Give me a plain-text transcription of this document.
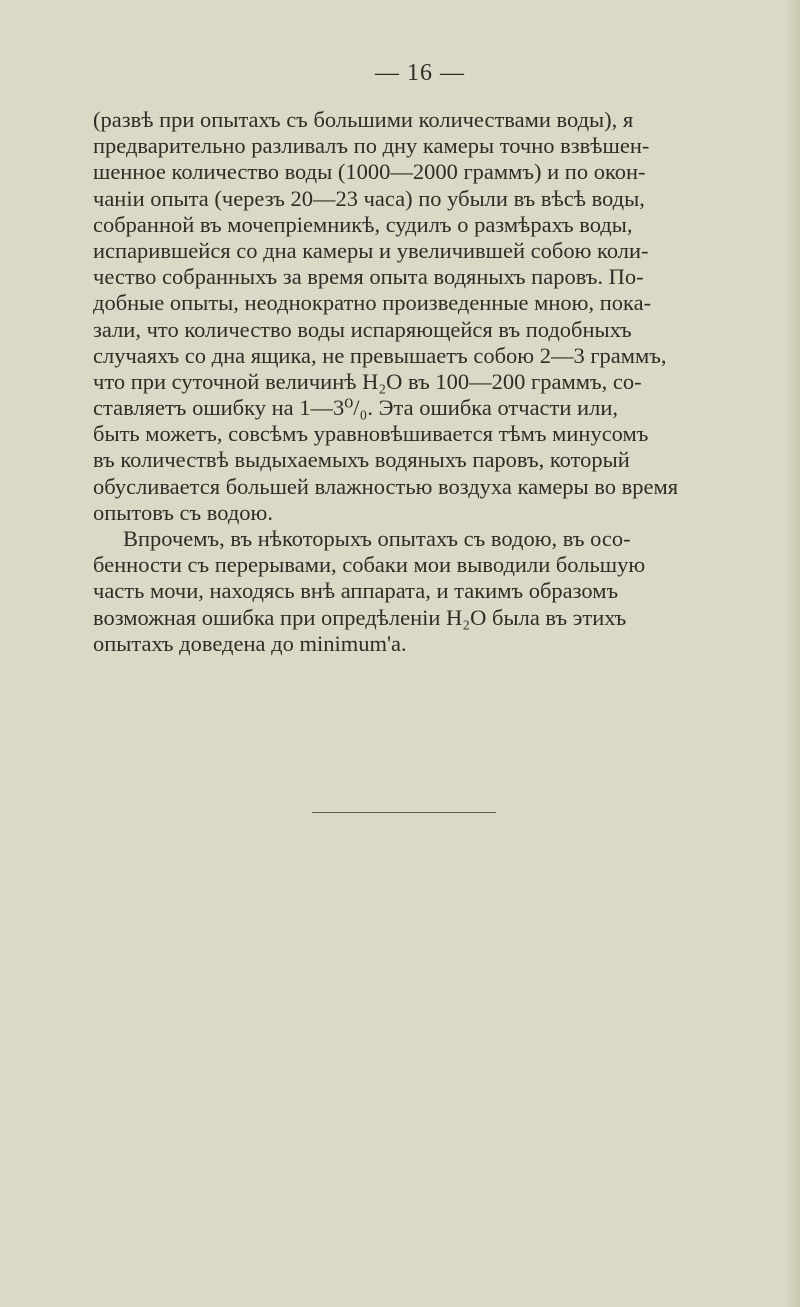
— 16 —
(развѣ при опытахъ съ большими количествами воды), я
предварительно разливалъ по дну камеры точно взвѣшен-
шенное количество воды (1000—2000 граммъ) и по окон-
чаніи опыта (черезъ 20—23 часа) по убыли въ вѣсѣ воды,
собранной въ мочепріемникѣ, судилъ о размѣрахъ воды,
испарившейся со дна камеры и увеличившей собою коли-
чество собранныхъ за время опыта водяныхъ паровъ. По-
добные опыты, неоднократно произведенные мною, пока-
зали, что количество воды испаряющейся въ подобныхъ
случаяхъ со дна ящика, не превышаетъ собою 2—3 граммъ,
что при суточной величинѣ H₂O въ 100—200 граммъ, со-
ставляетъ ошибку на 1—3⁰/₀. Эта ошибка отчасти или,
быть можетъ, совсѣмъ уравновѣшивается тѣмъ минусомъ
въ количествѣ выдыхаемыхъ водяныхъ паровъ, который
обусливается большей влажностью воздуха камеры во время
опытовъ съ водою.
Впрочемъ, въ нѣкоторыхъ опытахъ съ водою, въ осо-
бенности съ перерывами, собаки мои выводили большую
часть мочи, находясь внѣ аппарата, и такимъ образомъ
возможная ошибка при опредѣленіи H₂O была въ этихъ
опытахъ доведена до minimum'а.
